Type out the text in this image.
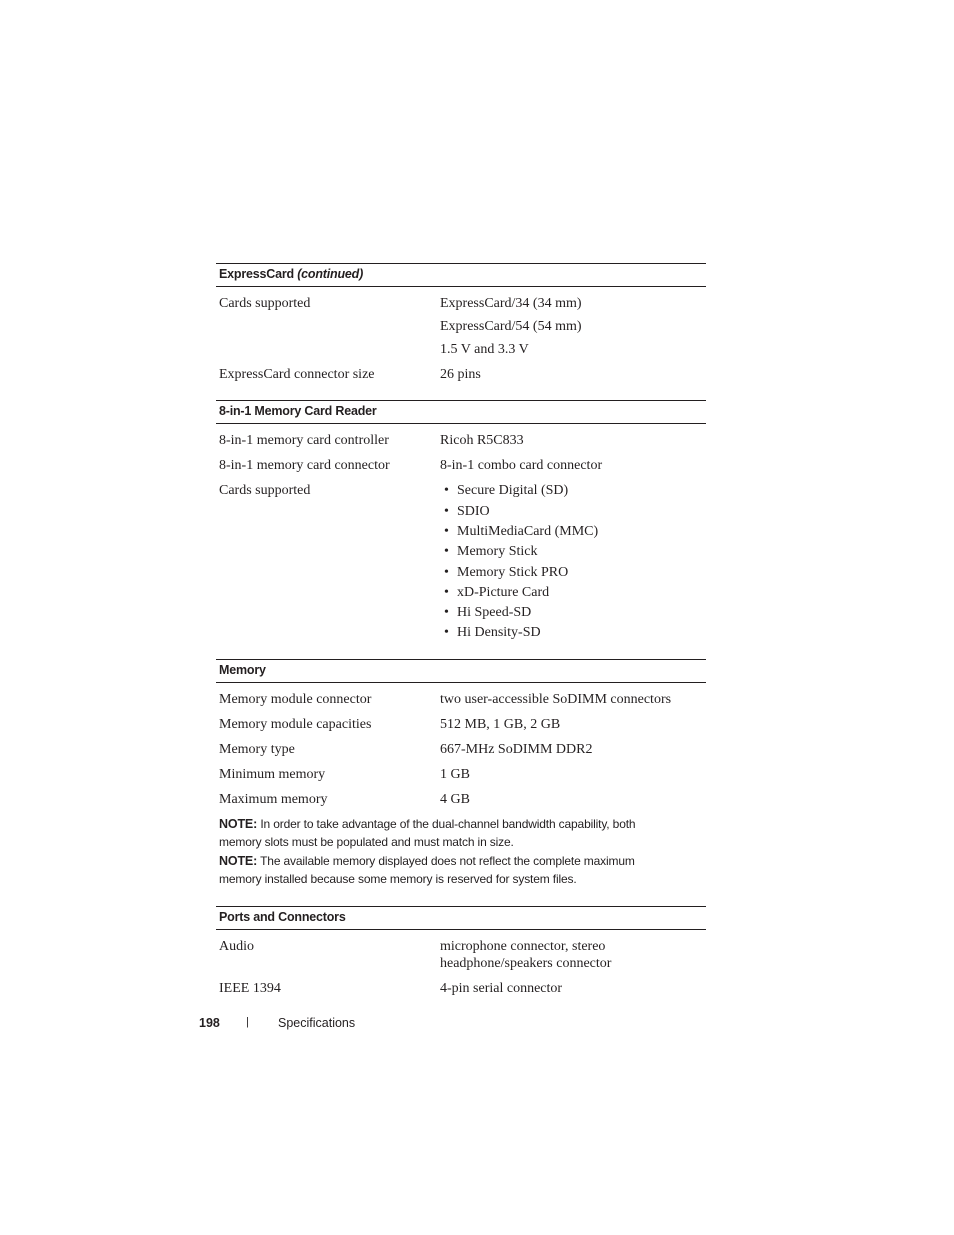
ExpressCard (continued)
Cards supported	ExpressCard/34 (34 mm)
ExpressCard/54 (54 mm)
1.5 V and 3.3 V
ExpressCard connector size	26 pins
8-in-1 Memory Card Reader
8-in-1 memory card controller	Ricoh R5C833
8-in-1 memory card connector	8-in-1 combo card connector
Cards supported
•	Secure Digital (SD)
• SDIO
• MultiMediaCard (MMC)
• Memory Stick
• Memory Stick PRO
• xD-Picture Card
• Hi Speed-SD
• Hi Density-SD
Memory
Memory module connector	two user-accessible SoDIMM connectors
Memory module capacities	512 MB, 1 GB, 2 GB
Memory type	667-MHz SoDIMM DDR2
Minimum memory	1 GB
Maximum memory	4 GB
NOTE: In order to take advantage of the dual-channel bandwidth capability, both
memory slots must be populated and must match in size.
NOTE: The available memory displayed does not reflect the complete maximum
memory installed because some memory is reserved for system files.
Ports and Connectors
Audio	microphone connector, stereo
headphone/speakers connector
IEEE 1394	4-pin serial connector
198 | Specifications
